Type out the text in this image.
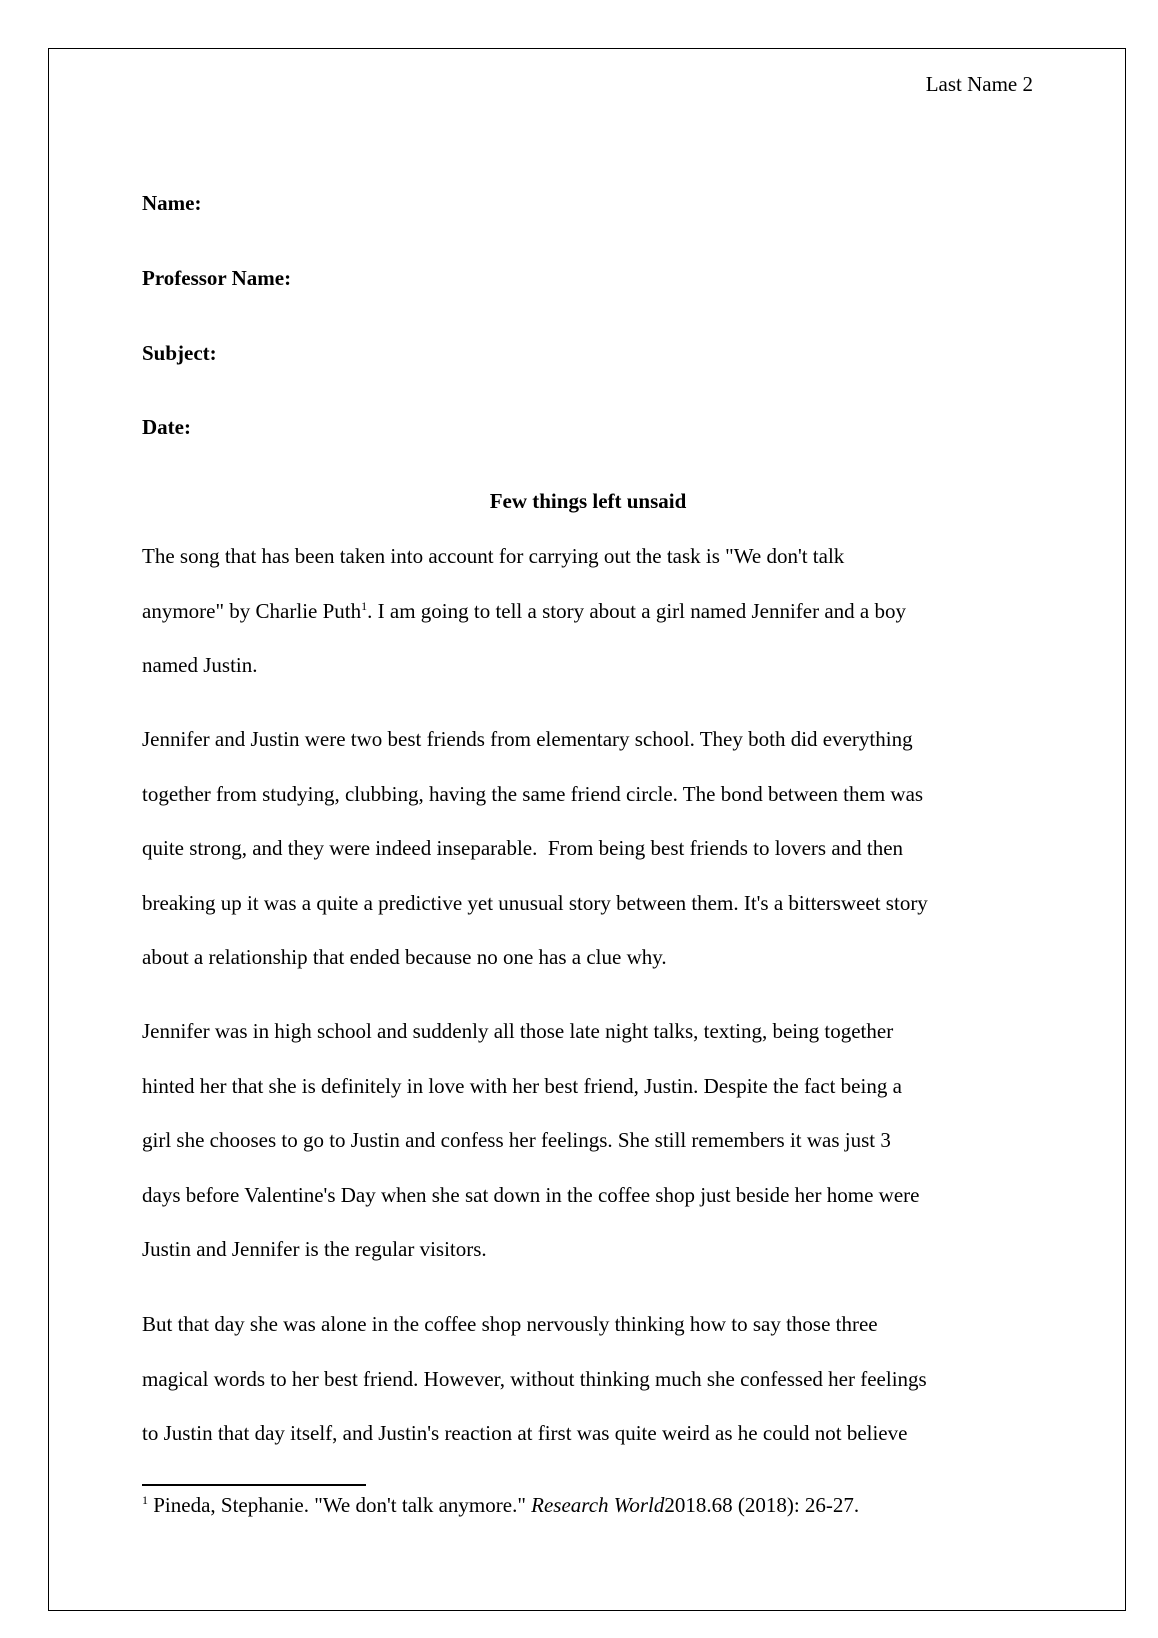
Last Name 2
Name:
Professor Name:
Subject:
Date:
Few things left unsaid
The song that has been taken into account for carrying out the task is "We don't talk
anymore" by Charlie Puth$^1$. I am going to tell a story about a girl named Jennifer and a boy
named Justin.
Jennifer and Justin were two best friends from elementary school. They both did everything
together from studying, clubbing, having the same friend circle. The bond between them was
quite strong, and they were indeed inseparable.  From being best friends to lovers and then
breaking up it was a quite a predictive yet unusual story between them. It's a bittersweet story
about a relationship that ended because no one has a clue why.
Jennifer was in high school and suddenly all those late night talks, texting, being together
hinted her that she is definitely in love with her best friend, Justin. Despite the fact being a
girl she chooses to go to Justin and confess her feelings. She still remembers it was just 3
days before Valentine's Day when she sat down in the coffee shop just beside her home were
Justin and Jennifer is the regular visitors.
But that day she was alone in the coffee shop nervously thinking how to say those three
magical words to her best friend. However, without thinking much she confessed her feelings
to Justin that day itself, and Justin's reaction at first was quite weird as he could not believe
$^1$ Pineda, Stephanie. "We don't talk anymore." Research World2018.68 (2018): 26-27.
